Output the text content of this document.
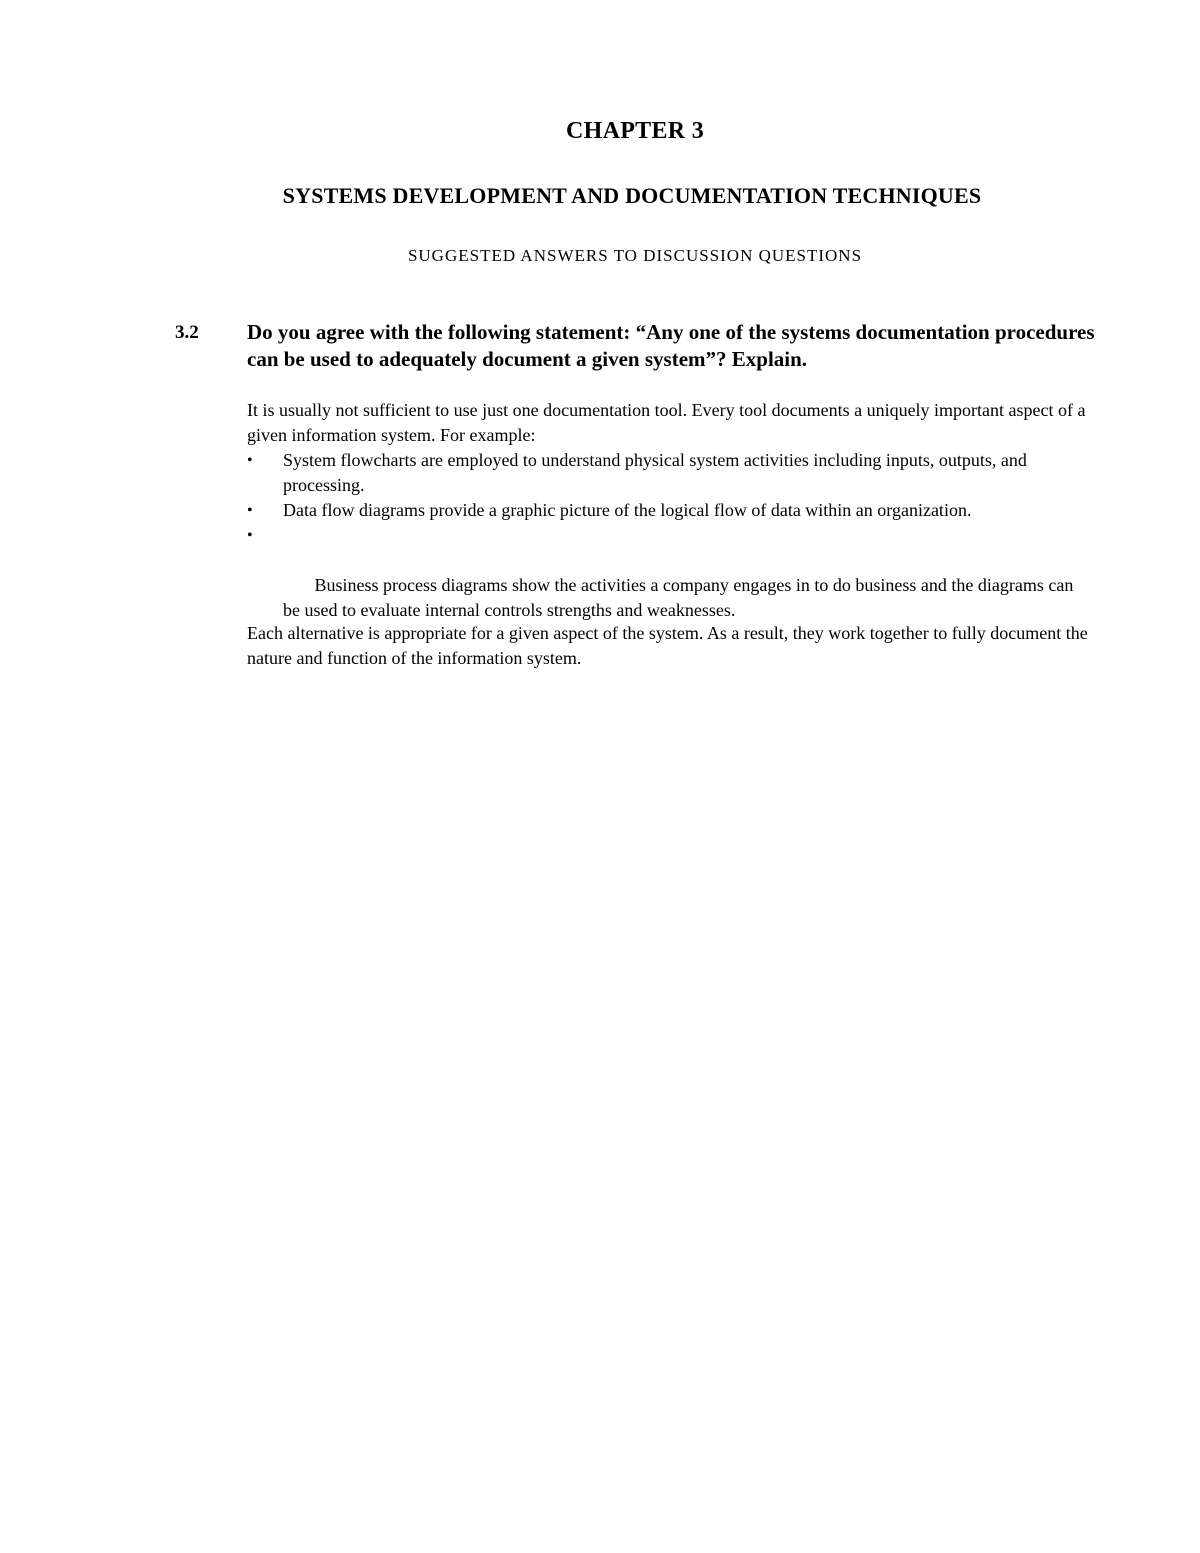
CHAPTER 3
SYSTEMS DEVELOPMENT AND DOCUMENTATION TECHNIQUES
SUGGESTED ANSWERS TO DISCUSSION QUESTIONS
3.2 Do you agree with the following statement: “Any one of the systems documentation procedures can be used to adequately document a given system”? Explain.
It is usually not sufficient to use just one documentation tool. Every tool documents a uniquely important aspect of a given information system. For example:
•	System flowcharts are employed to understand physical system activities including inputs, outputs, and processing.
•	Data flow diagrams provide a graphic picture of the logical flow of data within an organization.

•

Business process diagrams show the activities a company engages in to do business and the diagrams can be used to evaluate internal controls strengths and weaknesses.

Each alternative is appropriate for a given aspect of the system. As a result, they work together to fully document the nature and function of the information system.
